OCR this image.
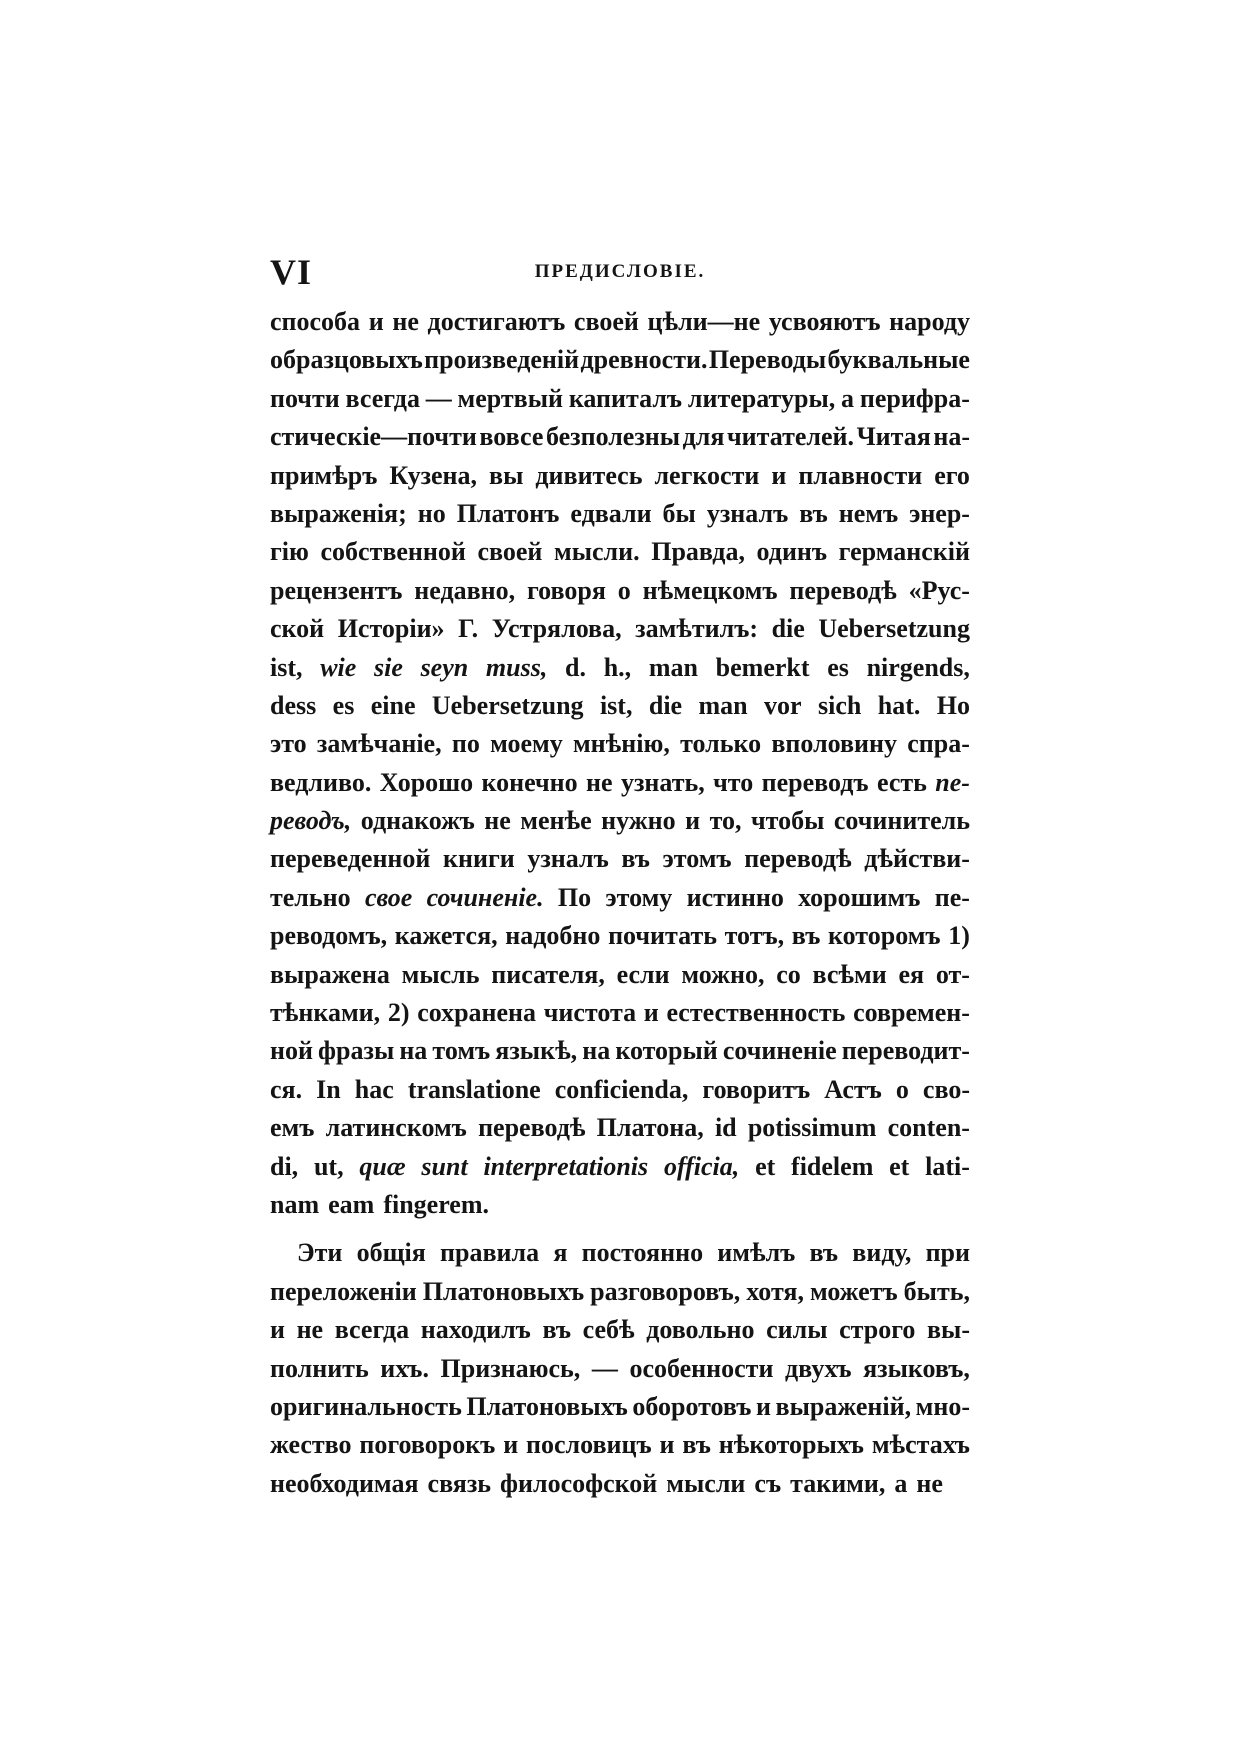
VI	ПРЕДИСЛОВІЕ.
способа и не достигаютъ своей цѣли—не усвояютъ народу
образцовыхъ произведеній древности. Переводы буквальные
почти всегда — мертвый капиталъ литературы, а перифра-
стическіе—почти вовсе безполезны для читателей. Читая на-
примѣръ Кузена, вы дивитесь легкости и плавности его
выраженія; но Платонъ едвали бы узналъ въ немъ энер-
гію собственной своей мысли. Правда, одинъ германскій
рецензентъ недавно, говоря о нѣмецкомъ переводѣ «Рус-
ской Исторіи» Г. Устрялова, замѣтилъ: die Uebersetzung
ist, wie sie seyn muss, d. h., man bemerkt es nirgends,
dess es eine Uebersetzung ist, die man vor sich hat. Но
это замѣчаніе, по моему мнѣнію, только вполовину спра-
ведливо. Хорошо конечно не узнать, что переводъ есть пе-
реводъ, однакожъ не менѣе нужно и то, чтобы сочинитель
переведенной книги узналъ въ этомъ переводѣ дѣйстви-
тельно свое сочиненіе. По этому истинно хорошимъ пе-
реводомъ, кажется, надобно почитать тотъ, въ которомъ 1)
выражена мысль писателя, если можно, со всѣми ея от-
тѣнками, 2) сохранена чистота и естественность современ-
ной фразы на томъ языкѣ, на который сочиненіе переводит-
ся. In hac translatione conficienda, говоритъ Астъ о сво-
емъ латинскомъ переводѣ Платона, id potissimum conten-
di, ut, quæ sunt interpretationis officia, et fidelem et lati-
nam eam fingerem.
Эти общія правила я постоянно имѣлъ въ виду, при
переложеніи Платоновыхъ разговоровъ, хотя, можетъ быть,
и не всегда находилъ въ себѣ довольно силы строго вы-
полнить ихъ. Признаюсь, — особенности двухъ языковъ,
оригинальность Платоновыхъ оборотовъ и выраженій, мно-
жество поговорокъ и пословицъ и въ нѣкоторыхъ мѣстахъ
необходимая связь философской мысли съ такими, а не
